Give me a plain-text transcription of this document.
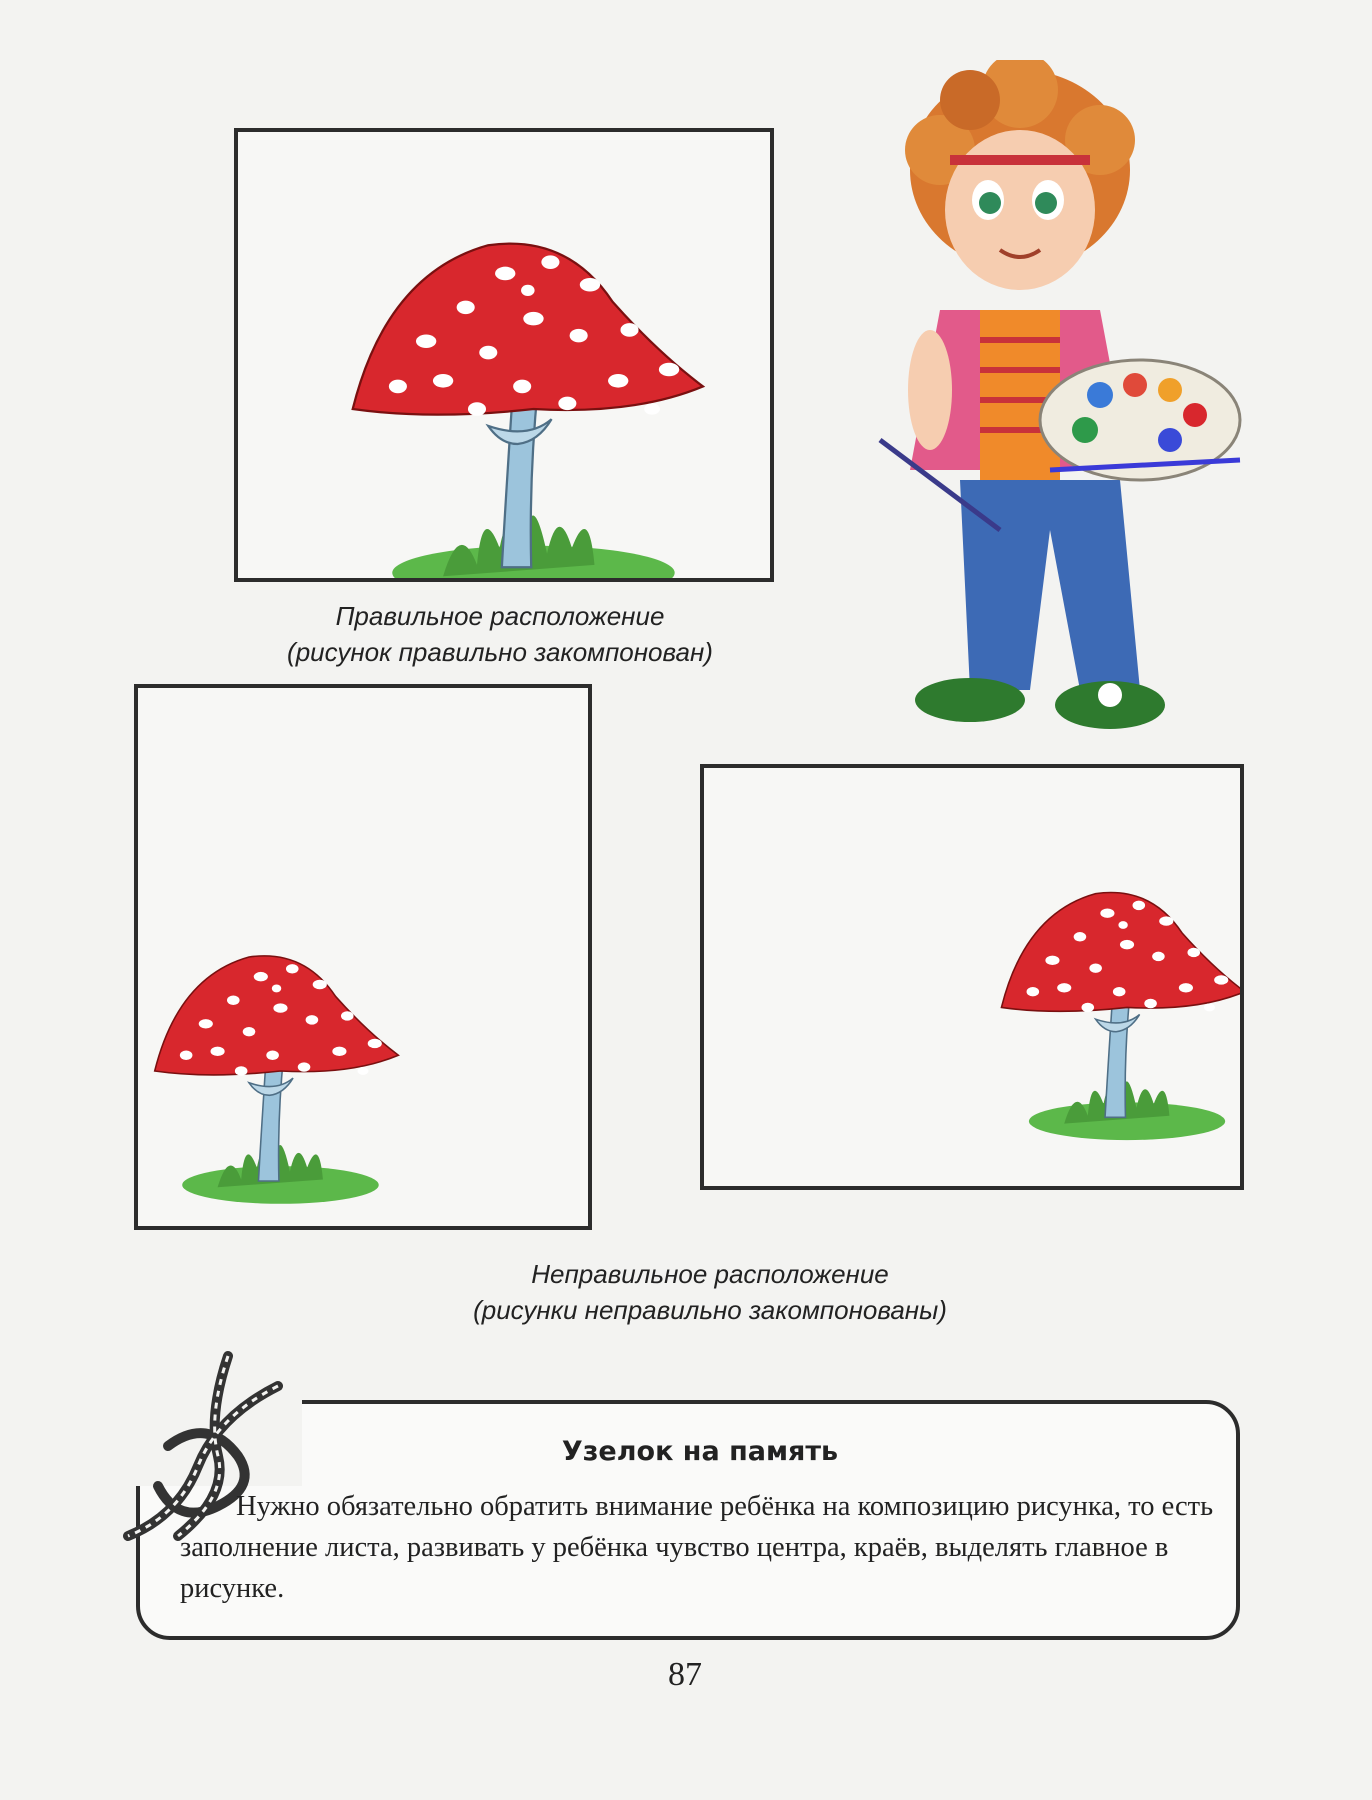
Правильное расположение
(рисунок правильно закомпонован)
Неправильное расположение
(рисунки неправильно закомпонованы)
Узелок на память
Нужно обязательно обратить внимание ребёнка на композицию рисунка, то есть заполнение листа, развивать у ребёнка чувство центра, краёв, выделять главное в рисунке.
87
